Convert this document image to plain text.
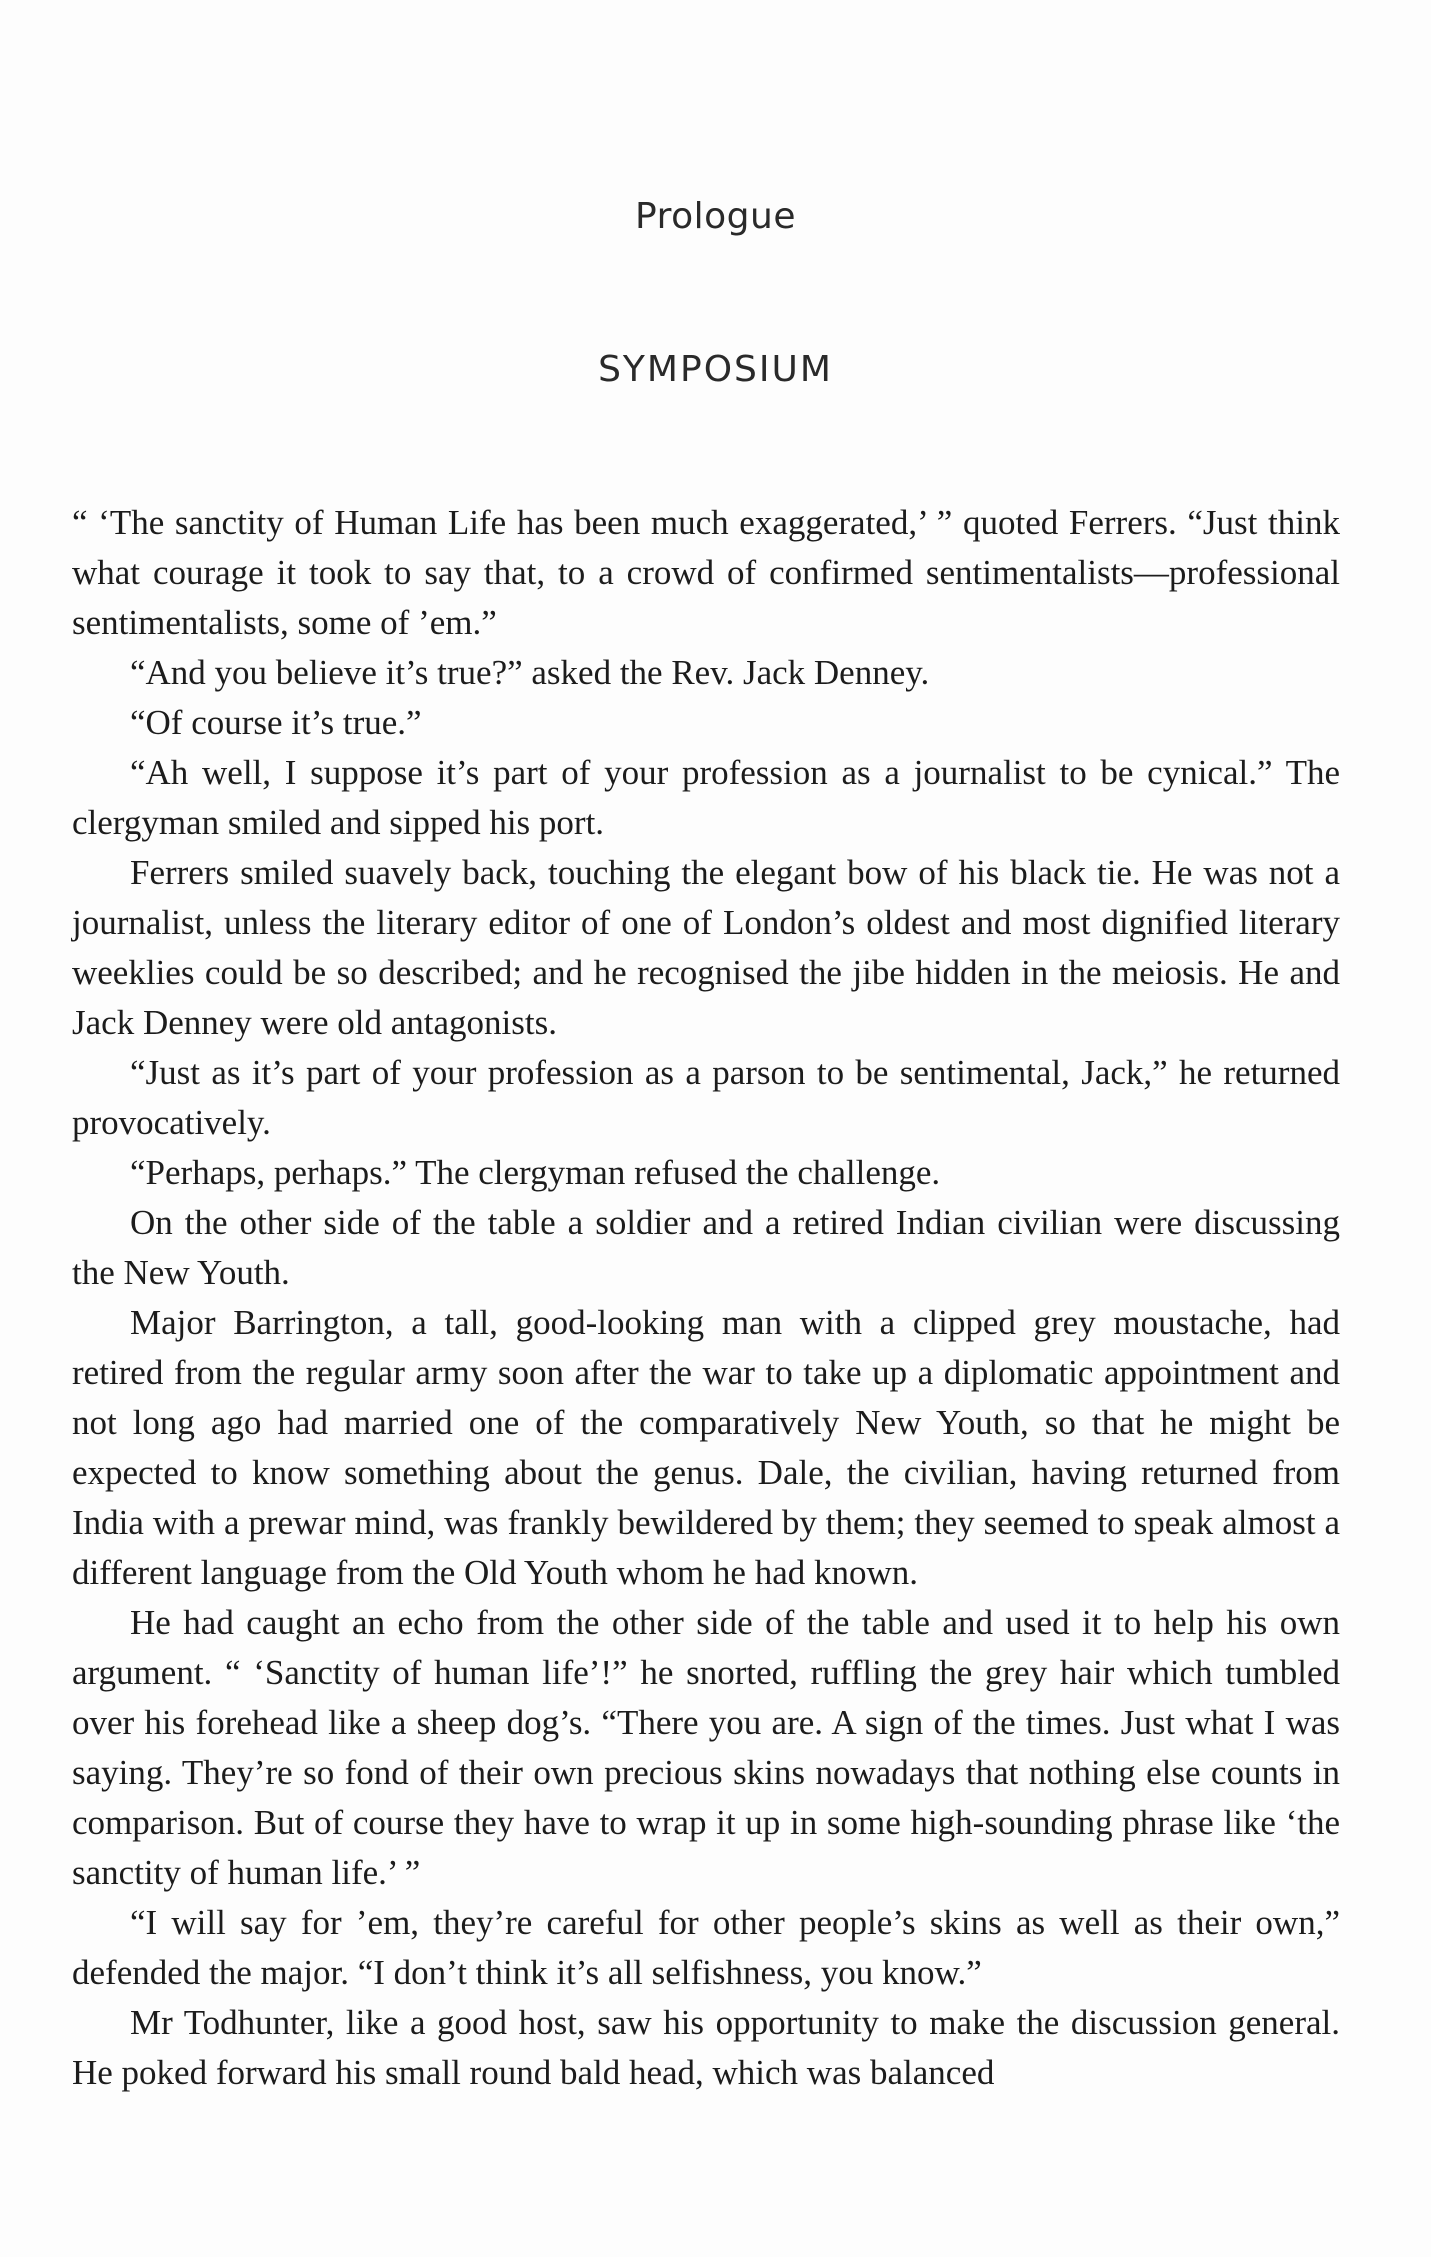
Prologue
SYMPOSIUM

“ ‘The sanctity of Human Life has been much exaggerated,’ ” quoted Ferrers. “Just think what courage it took to say that, to a crowd of confirmed sentimentalists—professional sentimentalists, some of ’em.”

“And you believe it’s true?” asked the Rev. Jack Denney.

“Of course it’s true.”

“Ah well, I suppose it’s part of your profession as a journalist to be cynical.” The clergyman smiled and sipped his port.

Ferrers smiled suavely back, touching the elegant bow of his black tie. He was not a journalist, unless the literary editor of one of London’s oldest and most dignified literary weeklies could be so described; and he recognised the jibe hidden in the meiosis. He and Jack Denney were old antagonists.

“Just as it’s part of your profession as a parson to be sentimental, Jack,” he returned provocatively.

“Perhaps, perhaps.” The clergyman refused the challenge.

On the other side of the table a soldier and a retired Indian civilian were discussing the New Youth.

Major Barrington, a tall, good-looking man with a clipped grey moustache, had retired from the regular army soon after the war to take up a diplomatic appointment and not long ago had married one of the comparatively New Youth, so that he might be expected to know something about the genus. Dale, the civilian, having returned from India with a prewar mind, was frankly bewildered by them; they seemed to speak almost a different language from the Old Youth whom he had known.

He had caught an echo from the other side of the table and used it to help his own argument. “ ‘Sanctity of human life’!” he snorted, ruffling the grey hair which tumbled over his forehead like a sheep dog’s. “There you are. A sign of the times. Just what I was saying. They’re so fond of their own precious skins nowadays that nothing else counts in comparison. But of course they have to wrap it up in some high-sounding phrase like ‘the sanctity of human life.’ ”

“I will say for ’em, they’re careful for other people’s skins as well as their own,” defended the major. “I don’t think it’s all selfishness, you know.”

Mr Todhunter, like a good host, saw his opportunity to make the discussion general. He poked forward his small round bald head, which was balanced
